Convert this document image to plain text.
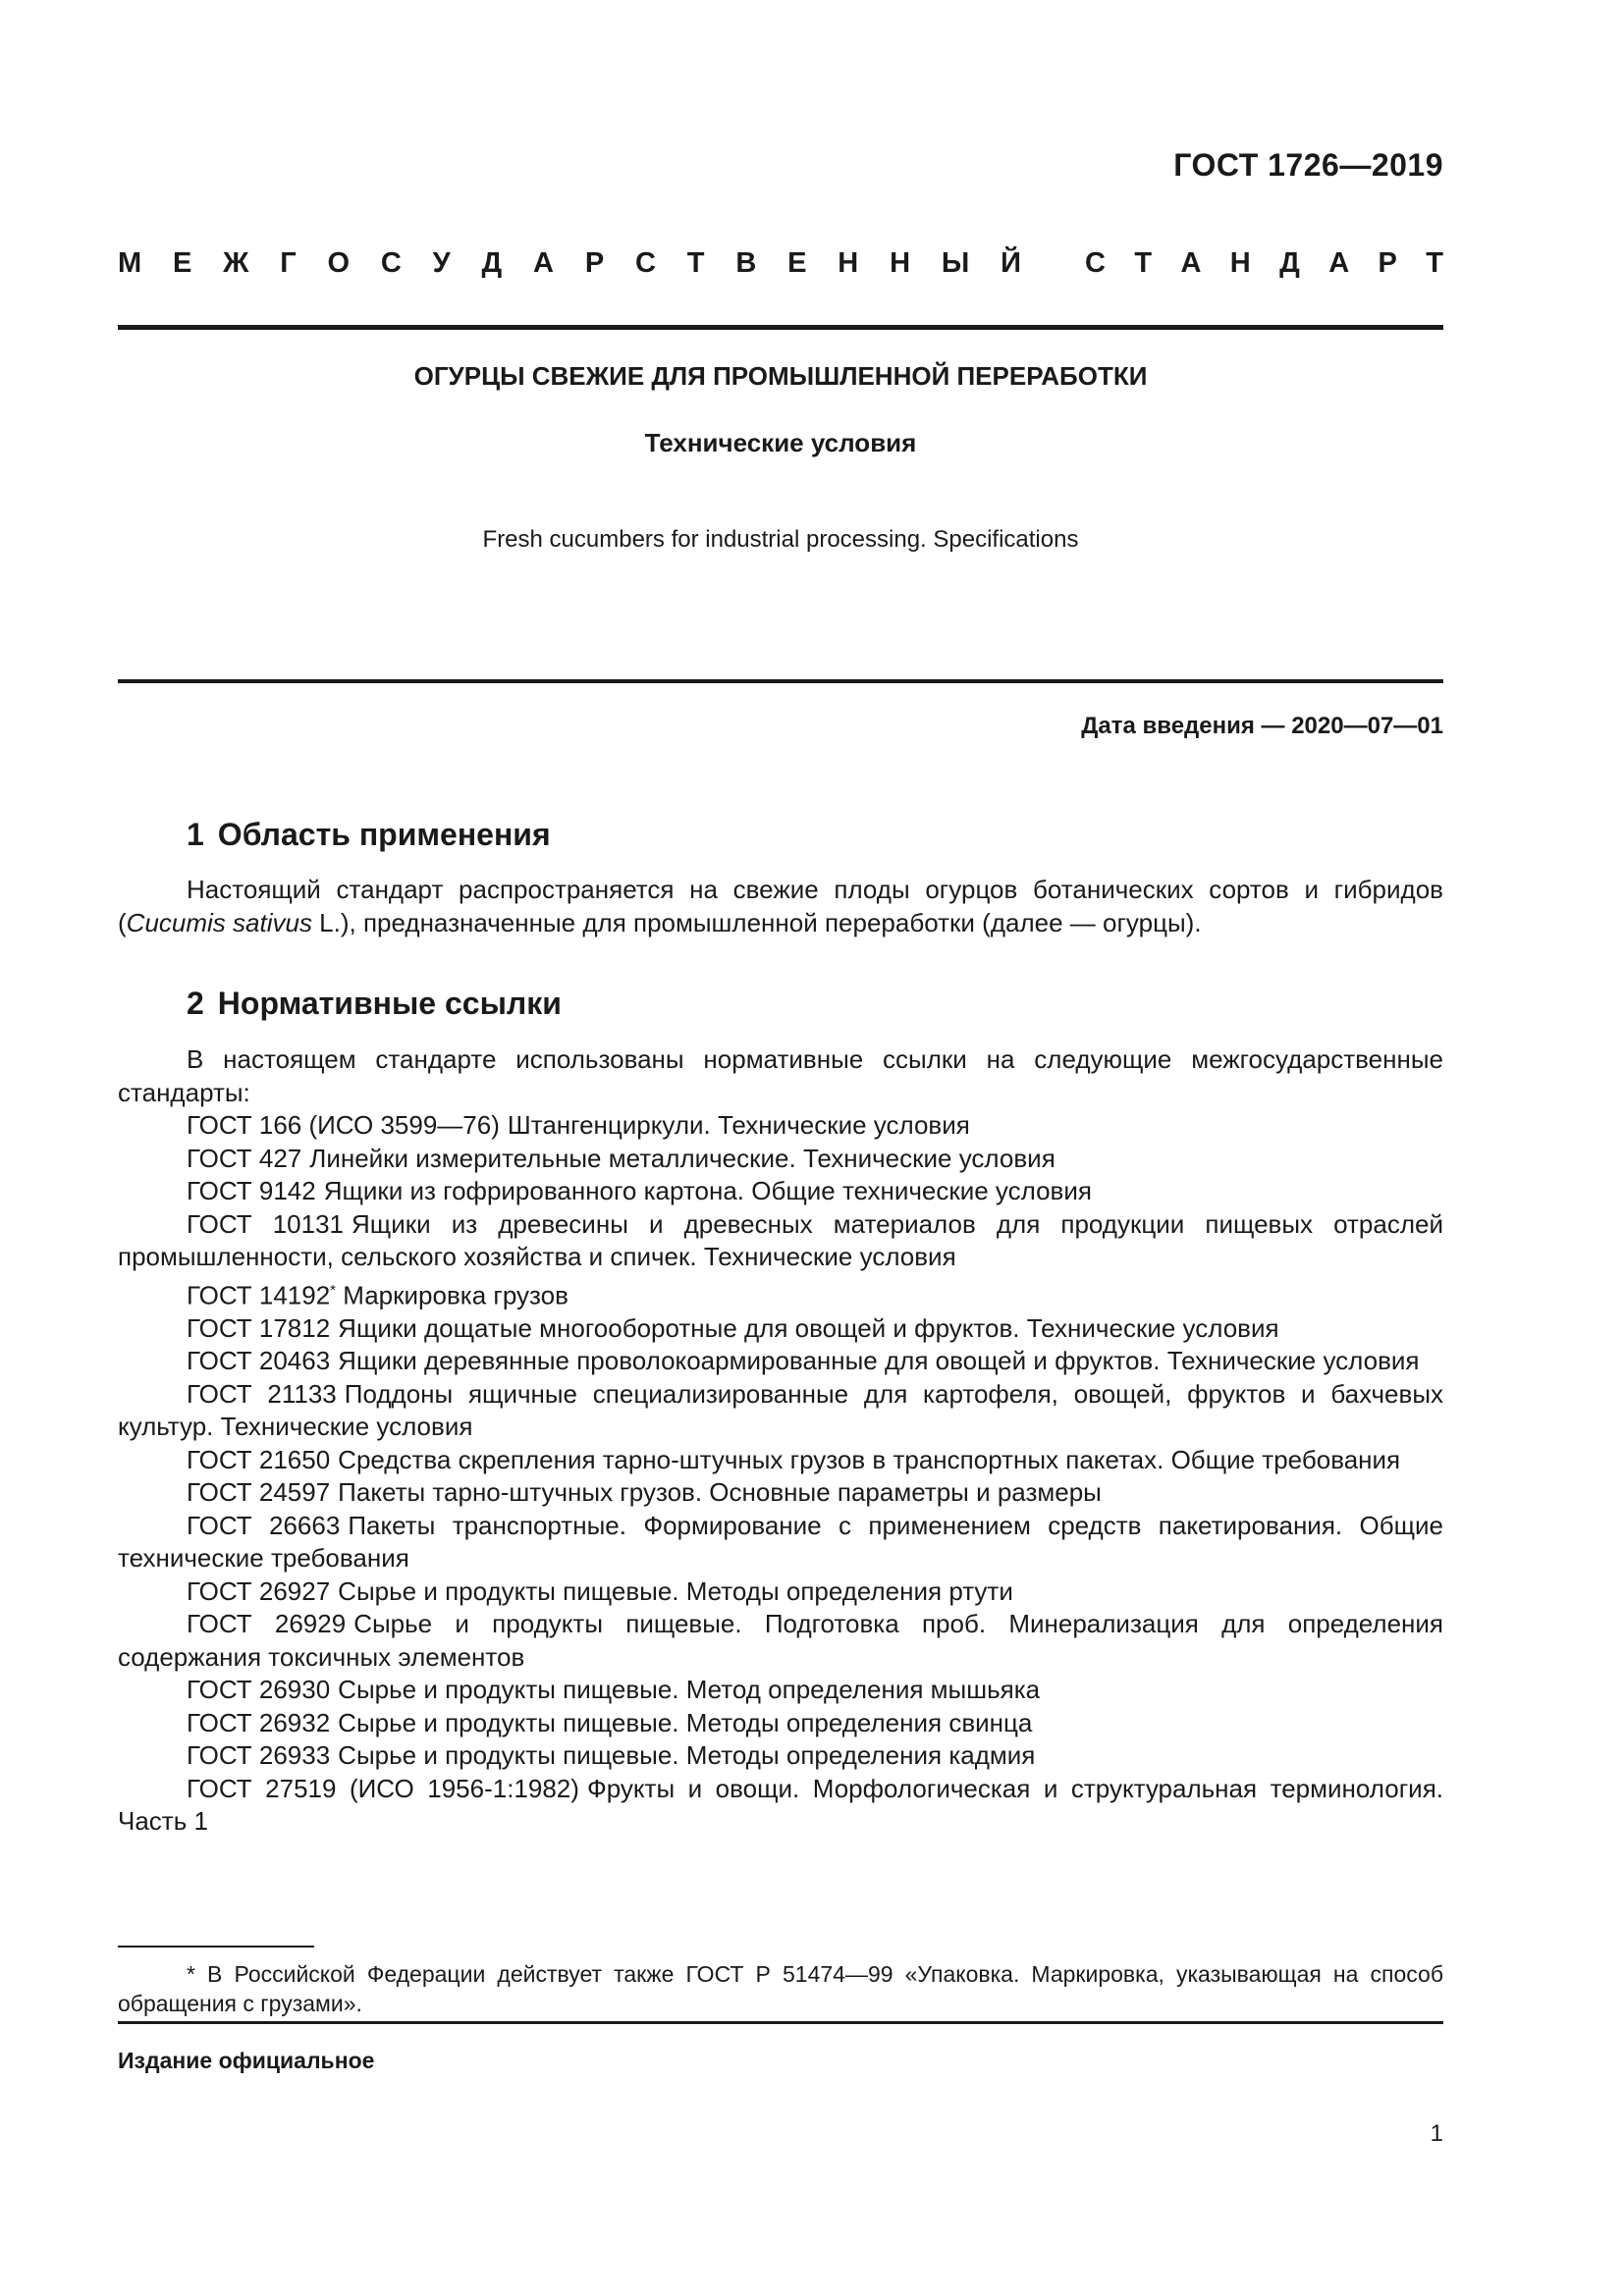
ГОСТ 1726—2019
М Е Ж Г О С У Д А Р С Т В Е Н Н Ы Й С Т А Н Д А Р Т
ОГУРЦЫ СВЕЖИЕ ДЛЯ ПРОМЫШЛЕННОЙ ПЕРЕРАБОТКИ
Технические условия
Fresh cucumbers for industrial processing. Specifications
Дата введения — 2020—07—01
1 Область применения

Настоящий стандарт распространяется на свежие плоды огурцов ботанических сортов и гибридов (Cucumis sativus L.), предназначенные для промышленной переработки (далее — огурцы).

2 Нормативные ссылки

В настоящем стандарте использованы нормативные ссылки на следующие межгосударственные стандарты:

ГОСТ 166 (ИСО 3599—76) Штангенциркули. Технические условия

ГОСТ 427 Линейки измерительные металлические. Технические условия

ГОСТ 9142 Ящики из гофрированного картона. Общие технические условия

ГОСТ 10131 Ящики из древесины и древесных материалов для продукции пищевых отраслей промышленности, сельского хозяйства и спичек. Технические условия

ГОСТ 14192* Маркировка грузов

ГОСТ 17812 Ящики дощатые многооборотные для овощей и фруктов. Технические условия

ГОСТ 20463 Ящики деревянные проволокоармированные для овощей и фруктов. Технические условия

ГОСТ 21133 Поддоны ящичные специализированные для картофеля, овощей, фруктов и бахчевых культур. Технические условия

ГОСТ 21650 Средства скрепления тарно-штучных грузов в транспортных пакетах. Общие требования

ГОСТ 24597 Пакеты тарно-штучных грузов. Основные параметры и размеры

ГОСТ 26663 Пакеты транспортные. Формирование с применением средств пакетирования. Общие технические требования

ГОСТ 26927 Сырье и продукты пищевые. Методы определения ртути

ГОСТ 26929 Сырье и продукты пищевые. Подготовка проб. Минерализация для определения содержания токсичных элементов

ГОСТ 26930 Сырье и продукты пищевые. Метод определения мышьяка

ГОСТ 26932 Сырье и продукты пищевые. Методы определения свинца

ГОСТ 26933 Сырье и продукты пищевые. Методы определения кадмия

ГОСТ 27519 (ИСО 1956-1:1982) Фрукты и овощи. Морфологическая и структуральная терминология. Часть 1

* В Российской Федерации действует также ГОСТ Р 51474—99 «Упаковка. Маркировка, указывающая на способ обращения с грузами».
Издание официальное
1
